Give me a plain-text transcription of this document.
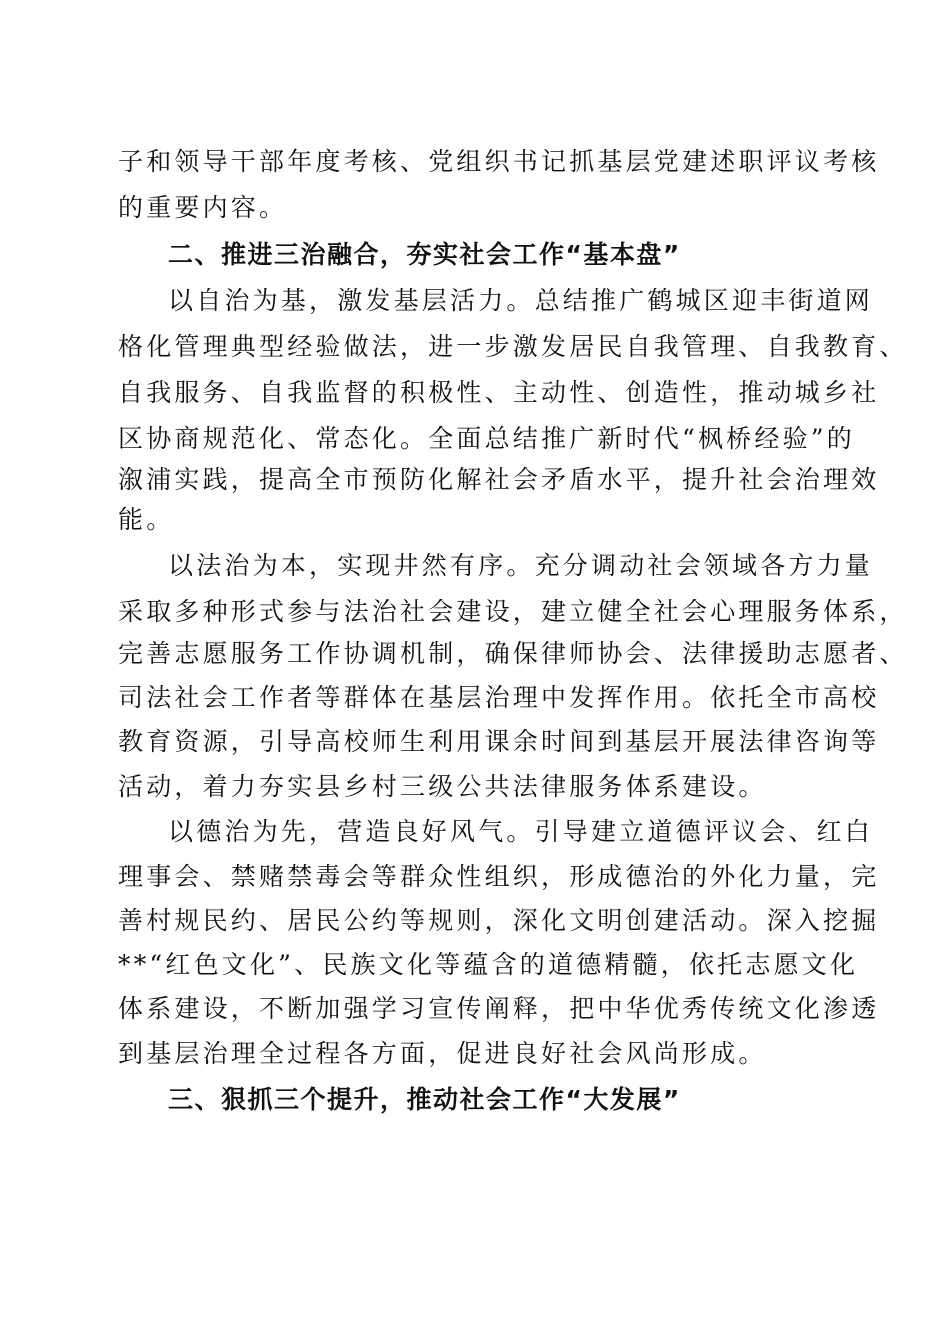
子和领导干部年度考核、党组织书记抓基层党建述职评议考核
的重要内容。
二、推进三治融合，夯实社会工作“基本盘”
以自治为基，激发基层活力。总结推广鹤城区迎丰街道网
格化管理典型经验做法，进一步激发居民自我管理、自我教育、
自我服务、自我监督的积极性、主动性、创造性，推动城乡社
区协商规范化、常态化。全面总结推广新时代“枫桥经验”的
溆浦实践，提高全市预防化解社会矛盾水平，提升社会治理效
能。
以法治为本，实现井然有序。充分调动社会领域各方力量
采取多种形式参与法治社会建设，建立健全社会心理服务体系，
完善志愿服务工作协调机制，确保律师协会、法律援助志愿者、
司法社会工作者等群体在基层治理中发挥作用。依托全市高校
教育资源，引导高校师生利用课余时间到基层开展法律咨询等
活动，着力夯实县乡村三级公共法律服务体系建设。
以德治为先，营造良好风气。引导建立道德评议会、红白
理事会、禁赌禁毒会等群众性组织，形成德治的外化力量，完
善村规民约、居民公约等规则，深化文明创建活动。深入挖掘
**“红色文化”、民族文化等蕴含的道德精髓，依托志愿文化
体系建设，不断加强学习宣传阐释，把中华优秀传统文化渗透
到基层治理全过程各方面，促进良好社会风尚形成。
三、狠抓三个提升，推动社会工作“大发展”
